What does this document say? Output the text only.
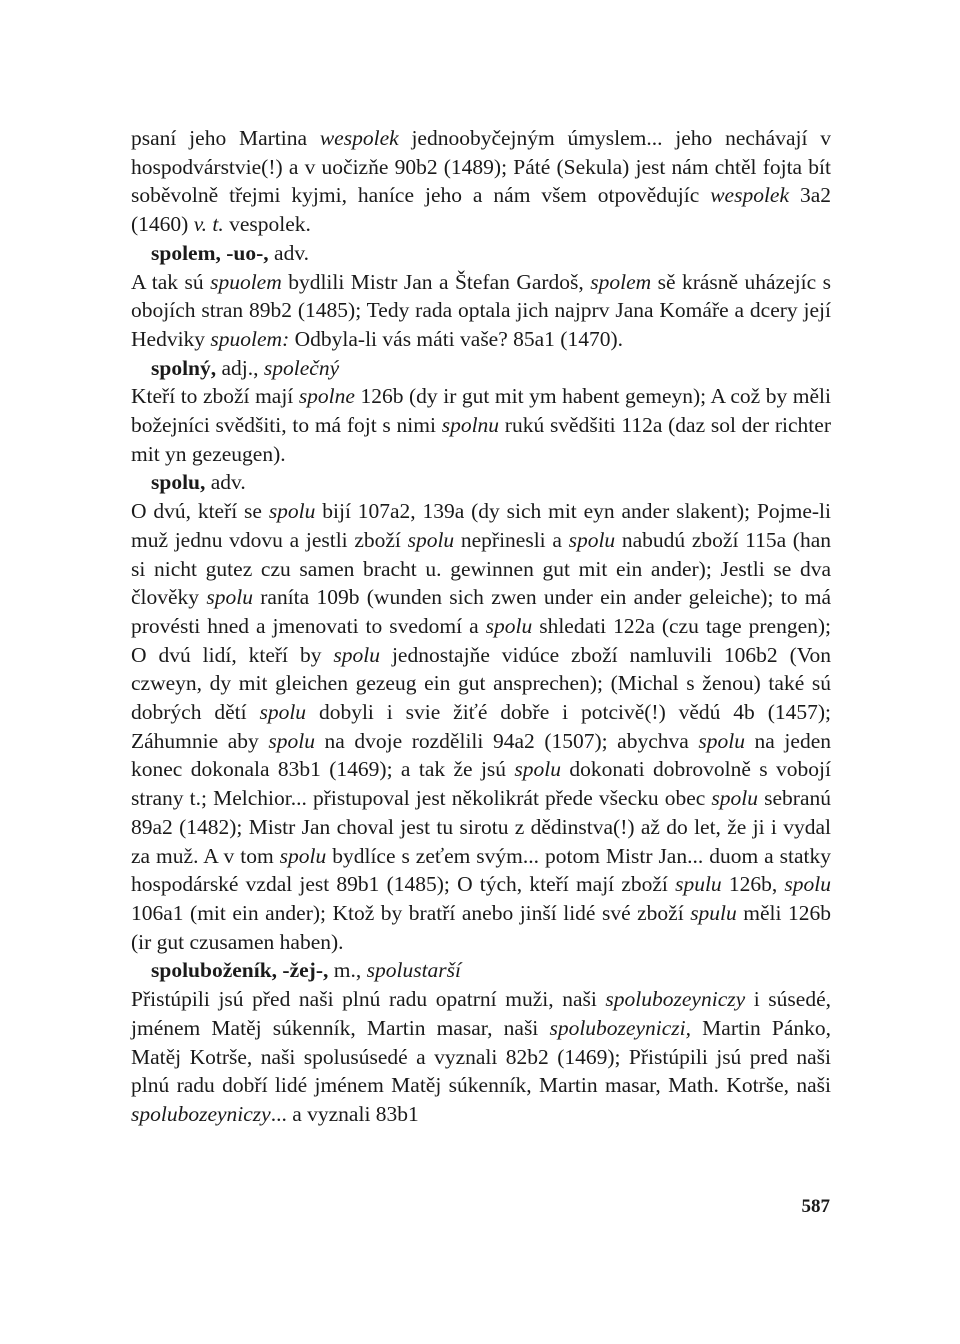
psaní jeho Martina wespolek jednoobyčejným úmyslem... jeho nechávají v hospodvárstvie(!) a v uočizňe 90b2 (1489); Páté (Sekula) jest nám chtěl fojta bít soběvolně třejmi kyjmi, haníce jeho a nám všem otpovědujíc wespolek 3a2 (1460) v. t. vespolek.

spolem, -uo-, adv.

A tak sú spuolem bydlili Mistr Jan a Štefan Gardoš, spolem sě krásně uházejíc s obojích stran 89b2 (1485); Tedy rada optala jich najprv Jana Komáře a dcery její Hedviky spuolem: Odbyla-li vás máti vaše? 85a1 (1470).

spolný, adj., společný

Kteří to zboží mají spolne 126b (dy ir gut mit ym habent gemeyn); A což by měli božejníci svědšiti, to má fojt s nimi spolnu rukú svědšiti 112a (daz sol der richter mit yn gezeugen).

spolu, adv.

O dvú, kteří se spolu bijí 107a2, 139a (dy sich mit eyn ander slakent); Pojme-li muž jednu vdovu a jestli zboží spolu nepřinesli a spolu nabudú zboží 115a (han si nicht gutez czu samen bracht u. gewinnen gut mit ein ander); Jestli se dva člověky spolu raníta 109b (wunden sich zwen under ein ander geleiche); to má provésti hned a jmenovati to svedomí a spolu shledati 122a (czu tage prengen); O dvú lidí, kteří by spolu jednostajňe vidúce zboží namluvili 106b2 (Von czweyn, dy mit gleichen gezeug ein gut ansprechen); (Michal s ženou) také sú dobrých dětí spolu dobyli i svie žiťé dobře i potcivě(!) vědú 4b (1457); Záhumnie aby spolu na dvoje rozdělili 94a2 (1507); abychva spolu na jeden konec dokonala 83b1 (1469); a tak že jsú spolu dokonati dobrovolně s vobojí strany t.; Melchior... přistupoval jest několikrát přede všecku obec spolu sebranú 89a2 (1482); Mistr Jan choval jest tu sirotu z dědinstva(!) až do let, že ji i vydal za muž. A v tom spolu bydlíce s zeťem svým... potom Mistr Jan... duom a statky hospodárské vzdal jest 89b1 (1485); O tých, kteří mají zboží spulu 126b, spolu 106a1 (mit ein ander); Ktož by bratří anebo jinší lidé své zboží spulu měli 126b (ir gut czusamen haben).

spoluboženík, -žej-, m., spolustarší

Přistúpili jsú před naši plnú radu opatrní muži, naši spolubozeyniczy i súsedé, jménem Matěj súkenník, Martin masar, naši spolubozeyniczi, Martin Pánko, Matěj Kotrše, naši spolusúsedé a vyznali 82b2 (1469); Přistúpili jsú pred naši plnú radu dobří lidé jménem Matěj súkenník, Martin masar, Math. Kotrše, naši spolubozeyniczy... a vyznali 83b1

587
